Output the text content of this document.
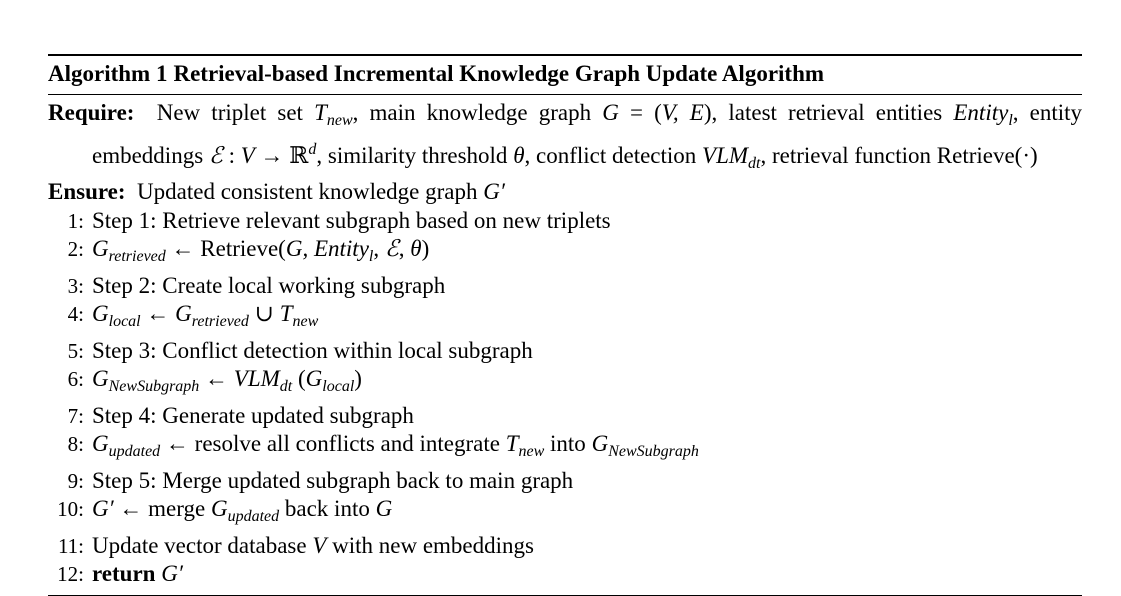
Algorithm 1 Retrieval-based Incremental Knowledge Graph Update Algorithm

Require: New triplet set $T_{new}$, main knowledge graph G = (V, E), latest retrieval entities Entity$_l$, entity embeddings ℰ : V → ℝ$^d$, similarity threshold θ, conflict detection $VLM_{dt}$, retrieval function Retrieve(·)

Ensure: Updated consistent knowledge graph G′

1: Step 1: Retrieve relevant subgraph based on new triplets
2: $G_{retrieved}$ ← Retrieve(G, Entity$_l$, ℰ, θ)
3: Step 2: Create local working subgraph
4: $G_{local}$ ← $G_{retrieved}$ ∪ $T_{new}$
5: Step 3: Conflict detection within local subgraph
6: $G_{NewSubgraph}$ ← $VLM_{dt}$ $(G_{local})$
7: Step 4: Generate updated subgraph
8: $G_{updated}$ ← resolve all conflicts and integrate $T_{new}$ into $G_{NewSubgraph}$
9: Step 5: Merge updated subgraph back to main graph
10: G′ ← merge $G_{updated}$ back into G
11: Update vector database V with new embeddings
12: return G′
